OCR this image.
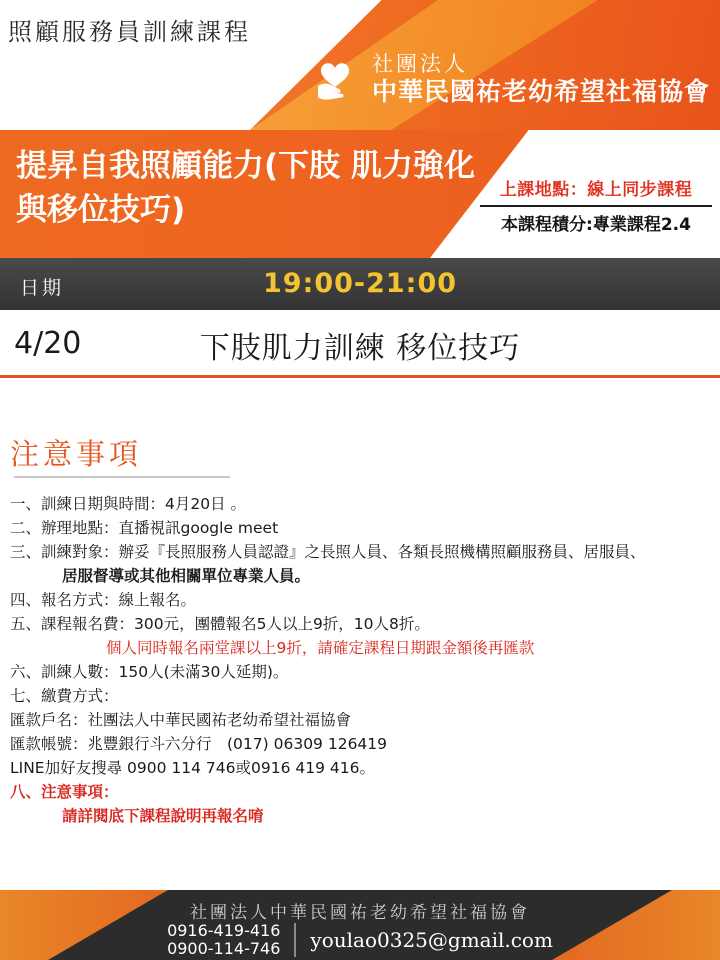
照顧服務員訓練課程
社團法人
中華民國祐老幼希望社福協會
提昇自我照顧能力(下肢 肌力強化與移位技巧)
上課地點：線上同步課程
本課程積分:專業課程2.4
日期	19:00-21:00
4/20	下肢肌力訓練 移位技巧
注意事項
一、訓練日期與時間：4月20日 。
二、辦理地點：直播視訊google meet
三、訓練對象：辦妥『長照服務人員認證』之長照人員、各類長照機構照顧服務員、居服員、
居服督導或其他相關單位專業人員。
四、報名方式：線上報名。
五、課程報名費：300元，團體報名5人以上9折，10人8折。
個人同時報名兩堂課以上9折，請確定課程日期跟金額後再匯款
六、訓練人數：150人(未滿30人延期)。
七、繳費方式：
匯款戶名：社團法人中華民國祐老幼希望社福協會
匯款帳號：兆豐銀行斗六分行　(017) 06309 126419
LINE加好友搜尋 0900 114 746或0916 419 416。
八、注意事項：
請詳閱底下課程說明再報名唷
社團法人中華民國祐老幼希望社福協會
0916-419-416
0900-114-746 youlao0325@gmail.com
